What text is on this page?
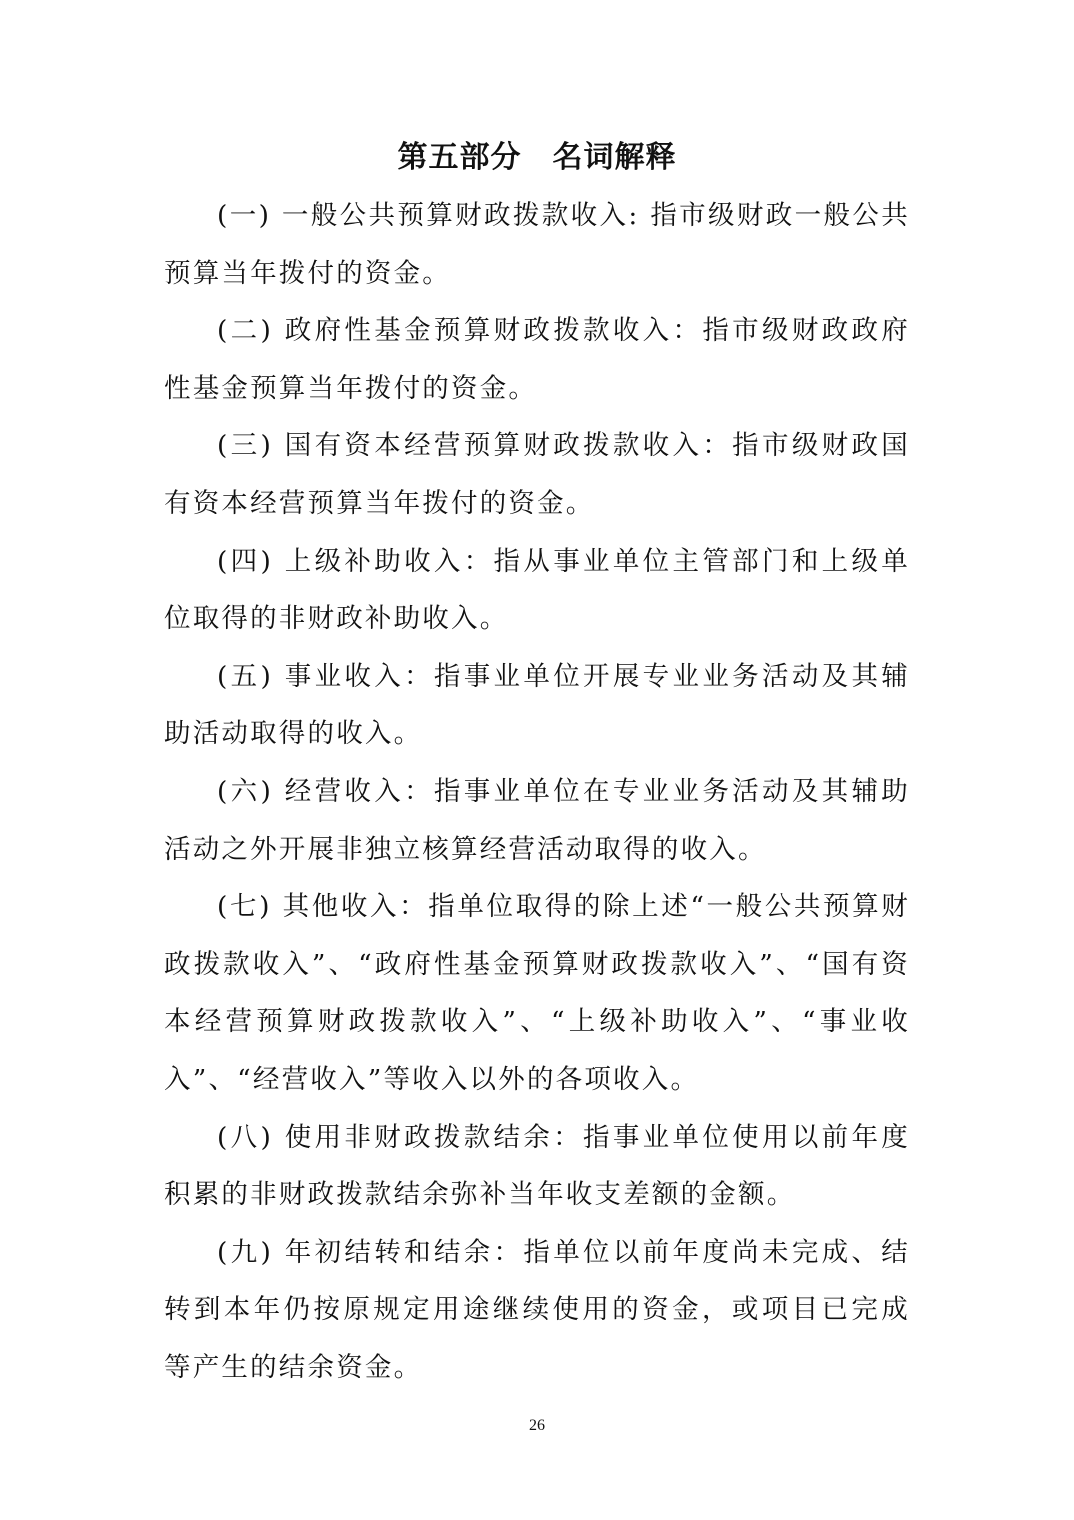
第五部分　名词解释

(一) 一般公共预算财政拨款收入: 指市级财政一般公共预算当年拨付的资金。

(二) 政府性基金预算财政拨款收入：指市级财政政府性基金预算当年拨付的资金。

(三) 国有资本经营预算财政拨款收入：指市级财政国有资本经营预算当年拨付的资金。

(四) 上级补助收入：指从事业单位主管部门和上级单位取得的非财政补助收入。

(五) 事业收入：指事业单位开展专业业务活动及其辅助活动取得的收入。

(六) 经营收入：指事业单位在专业业务活动及其辅助活动之外开展非独立核算经营活动取得的收入。

(七) 其他收入：指单位取得的除上述“一般公共预算财政拨款收入”、“政府性基金预算财政拨款收入”、“国有资本经营预算财政拨款收入”、“上级补助收入”、“事业收入”、“经营收入”等收入以外的各项收入。

(八) 使用非财政拨款结余：指事业单位使用以前年度积累的非财政拨款结余弥补当年收支差额的金额。

(九) 年初结转和结余：指单位以前年度尚未完成、结转到本年仍按原规定用途继续使用的资金，或项目已完成等产生的结余资金。

26
